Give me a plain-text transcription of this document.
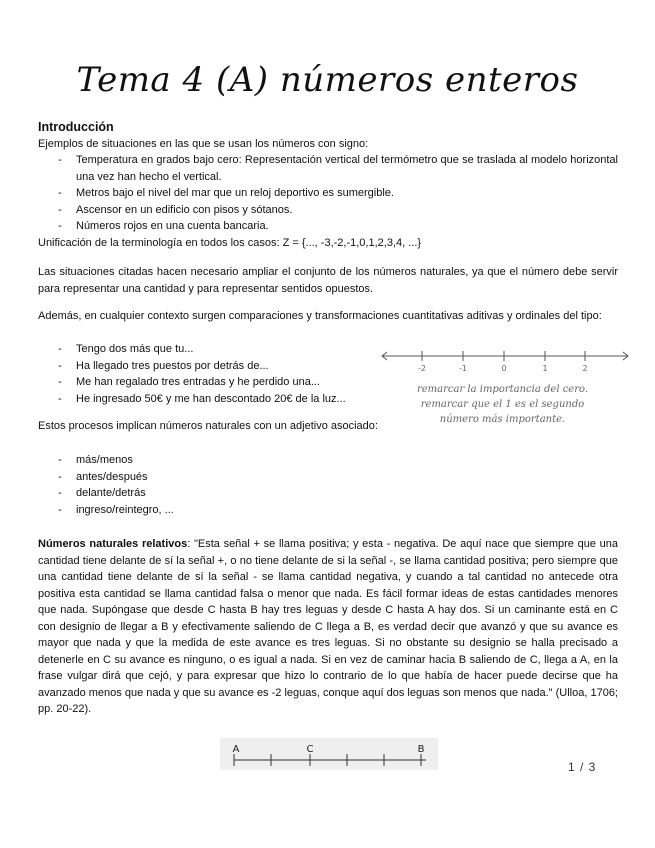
Tema 4 (A) números enteros
Introducción
Ejemplos de situaciones en las que se usan los números con signo:
- Temperatura en grados bajo cero: Representación vertical del termómetro que se traslada al modelo horizontal una vez han hecho el vertical.
- Metros bajo el nivel del mar que un reloj deportivo es sumergible.
- Ascensor en un edificio con pisos y sótanos.
- Números rojos en una cuenta bancaria.
Unificación de la terminología en todos los casos: Z = {..., -3,-2,-1,0,1,2,3,4, ...}
Las situaciones citadas hacen necesario ampliar el conjunto de los números naturales, ya que el número debe servir para representar una cantidad y para representar sentidos opuestos.
Además, en cualquier contexto surgen comparaciones y transformaciones cuantitativas aditivas y ordinales del tipo:
- Tengo dos más que tu...
- Ha llegado tres puestos por detrás de...
- Me han regalado tres entradas y he perdido una...
- He ingresado 50€ y me han descontado 20€ de la luz...
Estos procesos implican números naturales con un adjetivo asociado:
- más/menos
- antes/después
- delante/detrás
- ingreso/reintegro, ...
-2	-1	0	1	2
remarcar la importancia del cero. remarcar que el 1 es el segundo número más importante.
Números naturales relativos: "Esta señal + se llama positiva; y esta - negativa. De aquí nace que siempre que una cantidad tiene delante de sí la señal +, o no tiene delante de si la señal -, se llama cantidad positiva; pero siempre que una cantidad tiene delante de sí la señal - se llama cantidad negativa, y cuando a tal cantidad no antecede otra positiva esta cantidad se llama cantidad falsa o menor que nada. Es fácil formar ideas de estas cantidades menores que nada. Supóngase que desde C hasta B hay tres leguas y desde C hasta A hay dos. Si un caminante está en C con designio de llegar a B y efectivamente saliendo de C llega a B, es verdad decir que avanzó y que su avance es mayor que nada y que la medida de este avance es tres leguas. Si no obstante su designio se halla precisado a detenerle en C su avance es ninguno, o es igual a nada. Si en vez de caminar hacia B saliendo de C, llega a A, en la frase vulgar dirá que cejó, y para expresar que hizo lo contrario de lo que había de hacer puede decirse que ha avanzado menos que nada y que su avance es -2 leguas, conque aquí dos leguas son menos que nada." (Ulloa, 1706; pp. 20-22).
A	C	B
1 / 3
